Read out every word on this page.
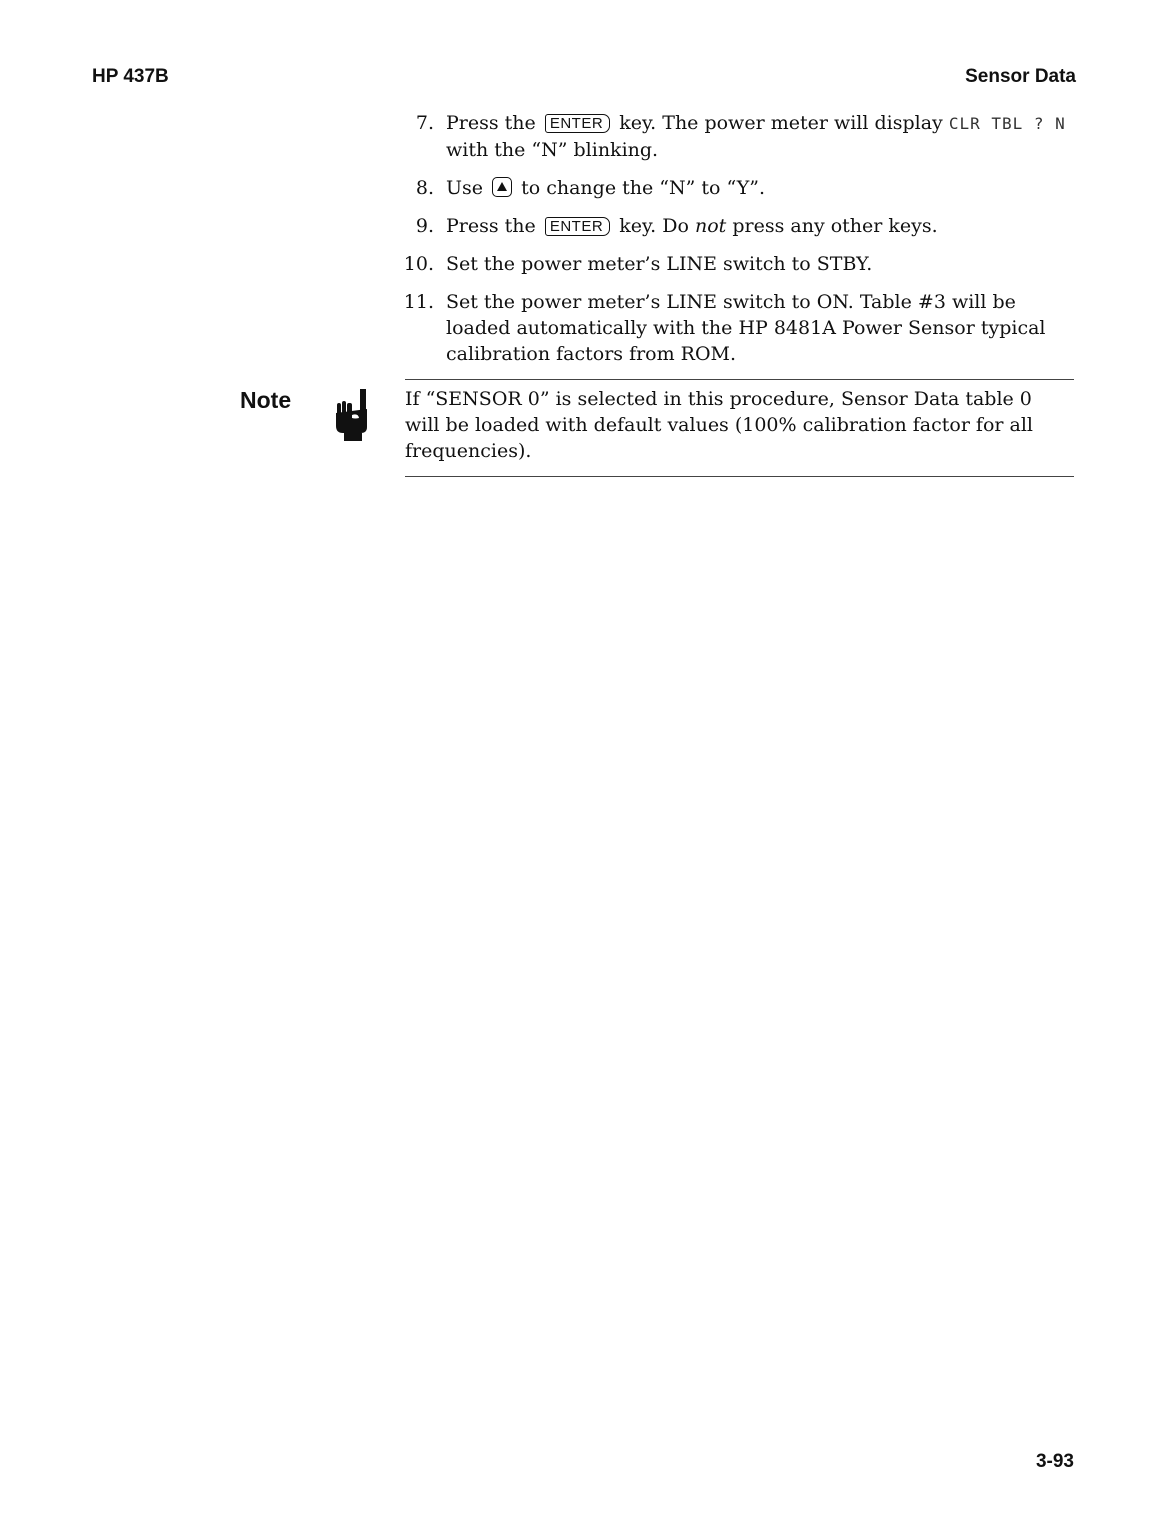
HP 437B	Sensor Data
7. Press the ENTER key. The power meter will display CLR TBL ? N with the “N” blinking.
8. Use to change the “N” to “Y”.
9. Press the ENTER key. Do not press any other keys.
10. Set the power meter’s LINE switch to STBY.
11. Set the power meter’s LINE switch to ON. Table #3 will be loaded automatically with the HP 8481A Power Sensor typical calibration factors from ROM.
Note	If “SENSOR 0” is selected in this procedure, Sensor Data table 0 will be loaded with default values (100% calibration factor for all frequencies).
3-93
